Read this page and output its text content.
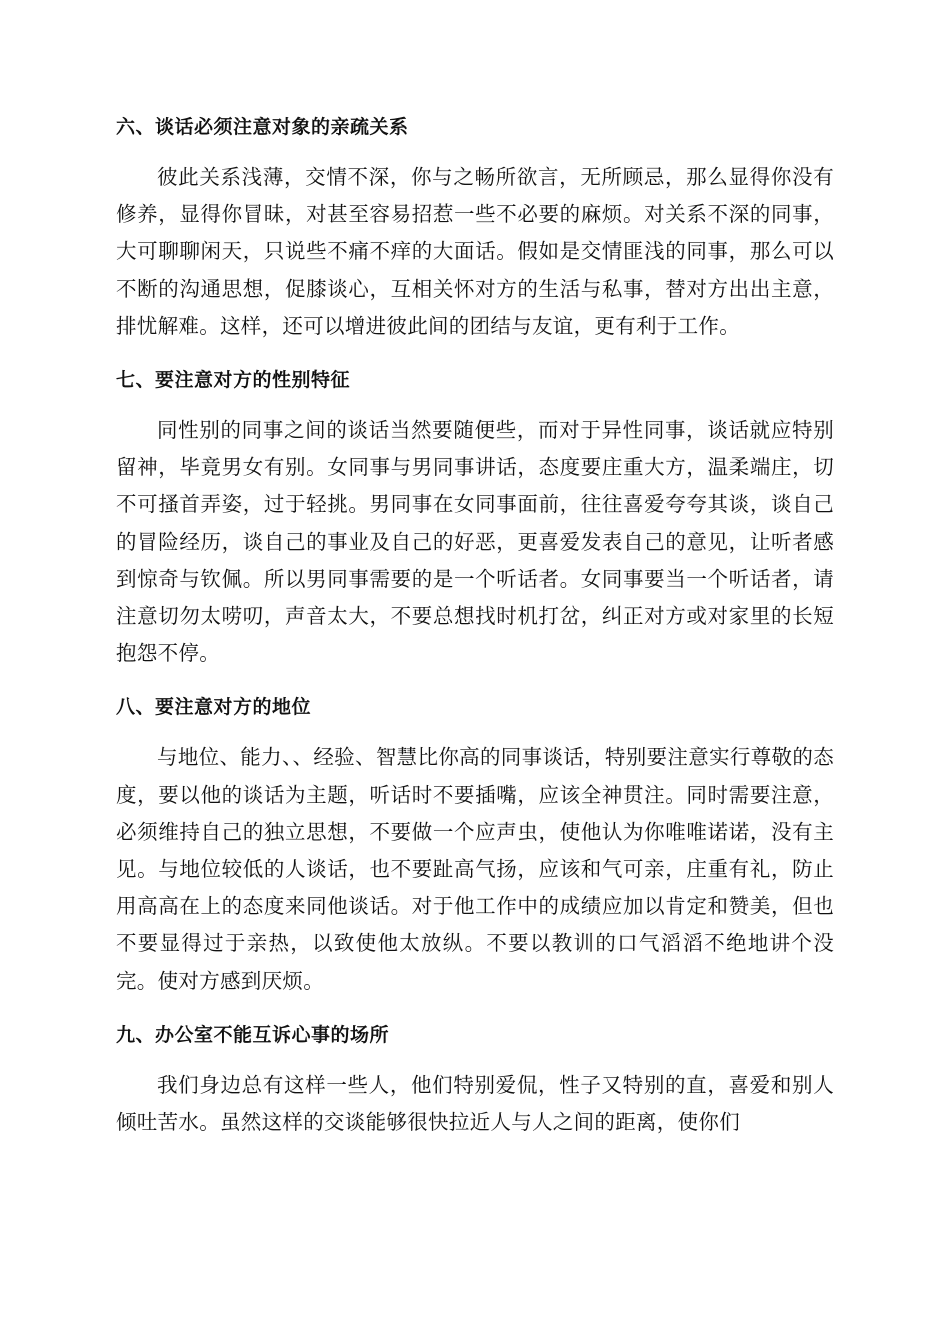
六、谈话必须注意对象的亲疏关系

彼此关系浅薄，交情不深，你与之畅所欲言，无所顾忌，那么显得你没有修养，显得你冒昧，对甚至容易招惹一些不必要的麻烦。对关系不深的同事，大可聊聊闲天，只说些不痛不痒的大面话。假如是交情匪浅的同事，那么可以不断的沟通思想，促膝谈心，互相关怀对方的生活与私事，替对方出出主意，排忧解难。这样，还可以增进彼此间的团结与友谊，更有利于工作。

七、要注意对方的性别特征

同性别的同事之间的谈话当然要随便些，而对于异性同事，谈话就应特别留神，毕竟男女有别。女同事与男同事讲话，态度要庄重大方，温柔端庄，切不可搔首弄姿，过于轻挑。男同事在女同事面前，往往喜爱夸夸其谈，谈自己的冒险经历，谈自己的事业及自己的好恶，更喜爱发表自己的意见，让听者感到惊奇与钦佩。所以男同事需要的是一个听话者。女同事要当一个听话者，请注意切勿太唠叨，声音太大，不要总想找时机打岔，纠正对方或对家里的长短抱怨不停。

八、要注意对方的地位

与地位、能力、、经验、智慧比你高的同事谈话，特别要注意实行尊敬的态度，要以他的谈话为主题，听话时不要插嘴，应该全神贯注。同时需要注意，必须维持自己的独立思想，不要做一个应声虫，使他认为你唯唯诺诺，没有主见。与地位较低的人谈话，也不要趾高气扬，应该和气可亲，庄重有礼，防止用高高在上的态度来同他谈话。对于他工作中的成绩应加以肯定和赞美，但也不要显得过于亲热，以致使他太放纵。不要以教训的口气滔滔不绝地讲个没完。使对方感到厌烦。

九、办公室不能互诉心事的场所

我们身边总有这样一些人，他们特别爱侃，性子又特别的直，喜爱和别人倾吐苦水。虽然这样的交谈能够很快拉近人与人之间的距离，使你们
